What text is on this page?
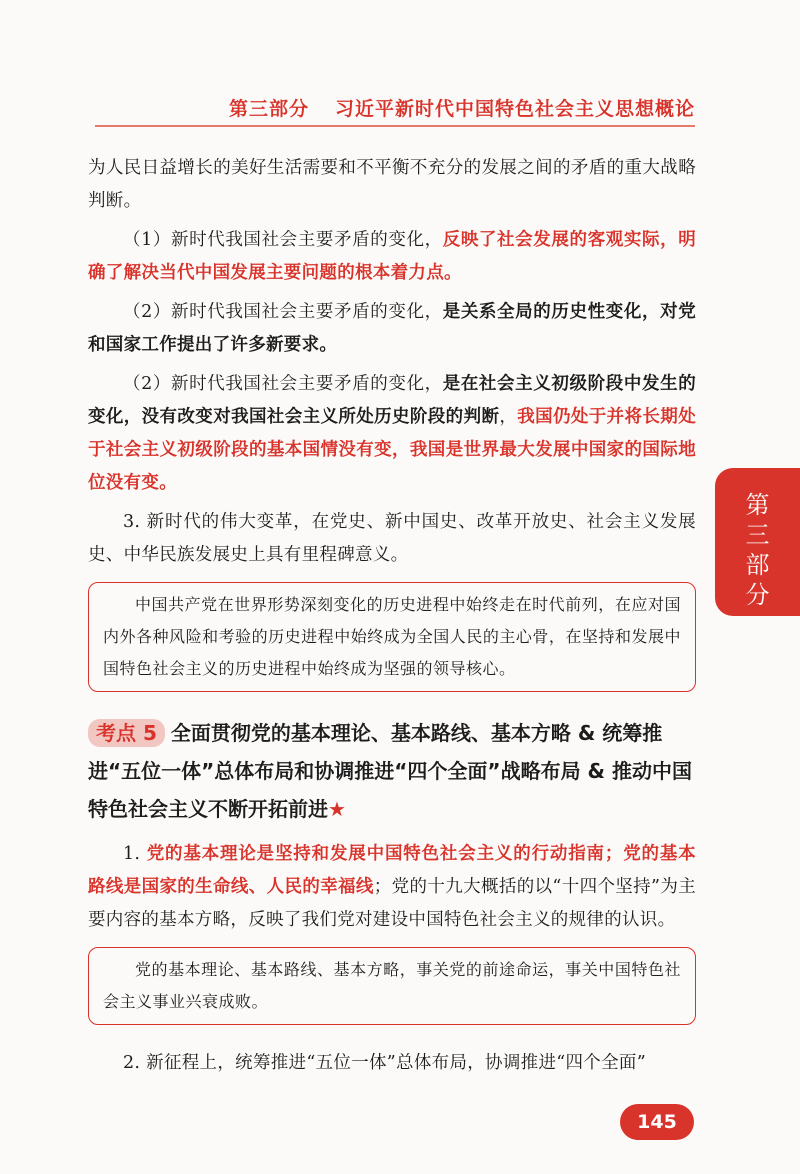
第三部分 习近平新时代中国特色社会主义思想概论
第
三
部
分

为人民日益增长的美好生活需要和不平衡不充分的发展之间的矛盾的重大战略判断。

（1）新时代我国社会主要矛盾的变化，反映了社会发展的客观实际，明确了解决当代中国发展主要问题的根本着力点。

（2）新时代我国社会主要矛盾的变化，是关系全局的历史性变化，对党和国家工作提出了许多新要求。

（2）新时代我国社会主要矛盾的变化，是在社会主义初级阶段中发生的变化，没有改变对我国社会主义所处历史阶段的判断，我国仍处于并将长期处于社会主义初级阶段的基本国情没有变，我国是世界最大发展中国家的国际地位没有变。

3. 新时代的伟大变革，在党史、新中国史、改革开放史、社会主义发展史、中华民族发展史上具有里程碑意义。

中国共产党在世界形势深刻变化的历史进程中始终走在时代前列，在应对国内外各种风险和考验的历史进程中始终成为全国人民的主心骨，在坚持和发展中国特色社会主义的历史进程中始终成为坚强的领导核心。

考点 5 全面贯彻党的基本理论、基本路线、基本方略 & 统筹推进“五位一体”总体布局和协调推进“四个全面”战略布局 & 推动中国特色社会主义不断开拓前进★

1. 党的基本理论是坚持和发展中国特色社会主义的行动指南；党的基本路线是国家的生命线、人民的幸福线；党的十九大概括的以“十四个坚持”为主要内容的基本方略，反映了我们党对建设中国特色社会主义的规律的认识。

党的基本理论、基本路线、基本方略，事关党的前途命运，事关中国特色社会主义事业兴衰成败。

2. 新征程上，统筹推进“五位一体”总体布局，协调推进“四个全面”

145
